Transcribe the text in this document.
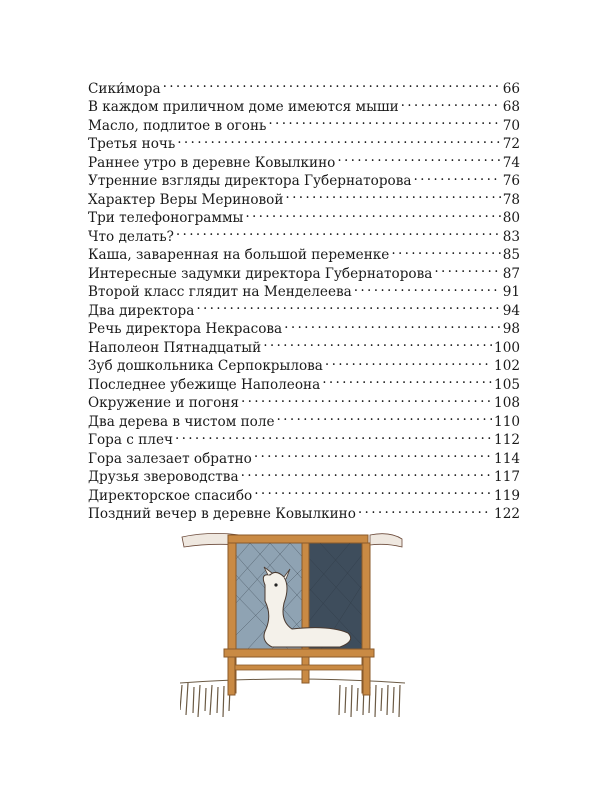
Сики́мора . . .	66
В каждом приличном доме имеются мыши . . .	68
Масло, подлитое в огонь . . .	70
Третья ночь . . .	72
Раннее утро в деревне Ковылкино . . .	74
Утренние взгляды директора Губернаторова . . .	76
Характер Веры Мериновой . . .	78
Три телефонограммы . . .	80
Что делать? . . .	83
Каша, заваренная на большой переменке . . .	85
Интересные задумки директора Губернаторова . . .	87
Второй класс глядит на Менделеева . . .	91
Два директора . . .	94
Речь директора Некрасова . . .	98
Наполеон Пятнадцатый . . .	100
Зуб дошкольника Серпокрылова . . .	102
Последнее убежище Наполеона . . .	105
Окружение и погоня . . .	108
Два дерева в чистом поле . . .	110
Гора с плеч . . .	112
Гора залезает обратно . . .	114
Друзья звероводства . . .	117
Директорское спасибо . . .	119
Поздний вечер в деревне Ковылкино . . .	122
